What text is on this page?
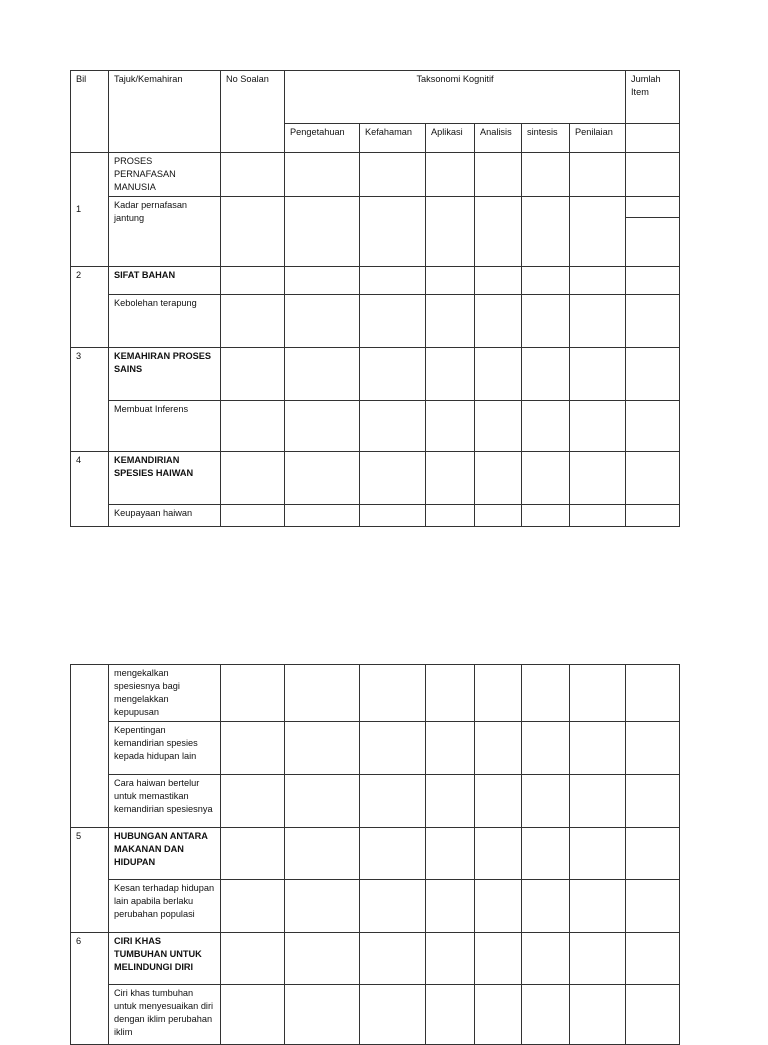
Bil	Tajuk/Kemahiran	No Soalan	Taksonomi Kognitif						Jumlah Item
			Pengetahuan	Kefahaman	Aplikasi	Analisis	sintesis	Penilaian	
1	PROSES PERNAFASAN MANUSIA								
	Kadar pernafasan jantung								

2	SIFAT BAHAN								
	Kebolehan terapung								
3	KEMAHIRAN PROSES SAINS								
	Membuat Inferens								
4	KEMANDIRIAN SPESIES HAIWAN								
	Keupayaan haiwan								
	mengekalkan spesiesnya bagi mengelakkan kepupusan								
	Kepentingan kemandirian spesies kepada hidupan lain								
	Cara haiwan bertelur untuk memastikan kemandirian spesiesnya								
5	HUBUNGAN ANTARA MAKANAN DAN HIDUPAN								
	Kesan terhadap hidupan lain apabila berlaku perubahan populasi								
6	CIRI KHAS TUMBUHAN UNTUK MELINDUNGI DIRI								
	Ciri khas tumbuhan untuk menyesuaikan diri dengan iklim perubahan iklim								
